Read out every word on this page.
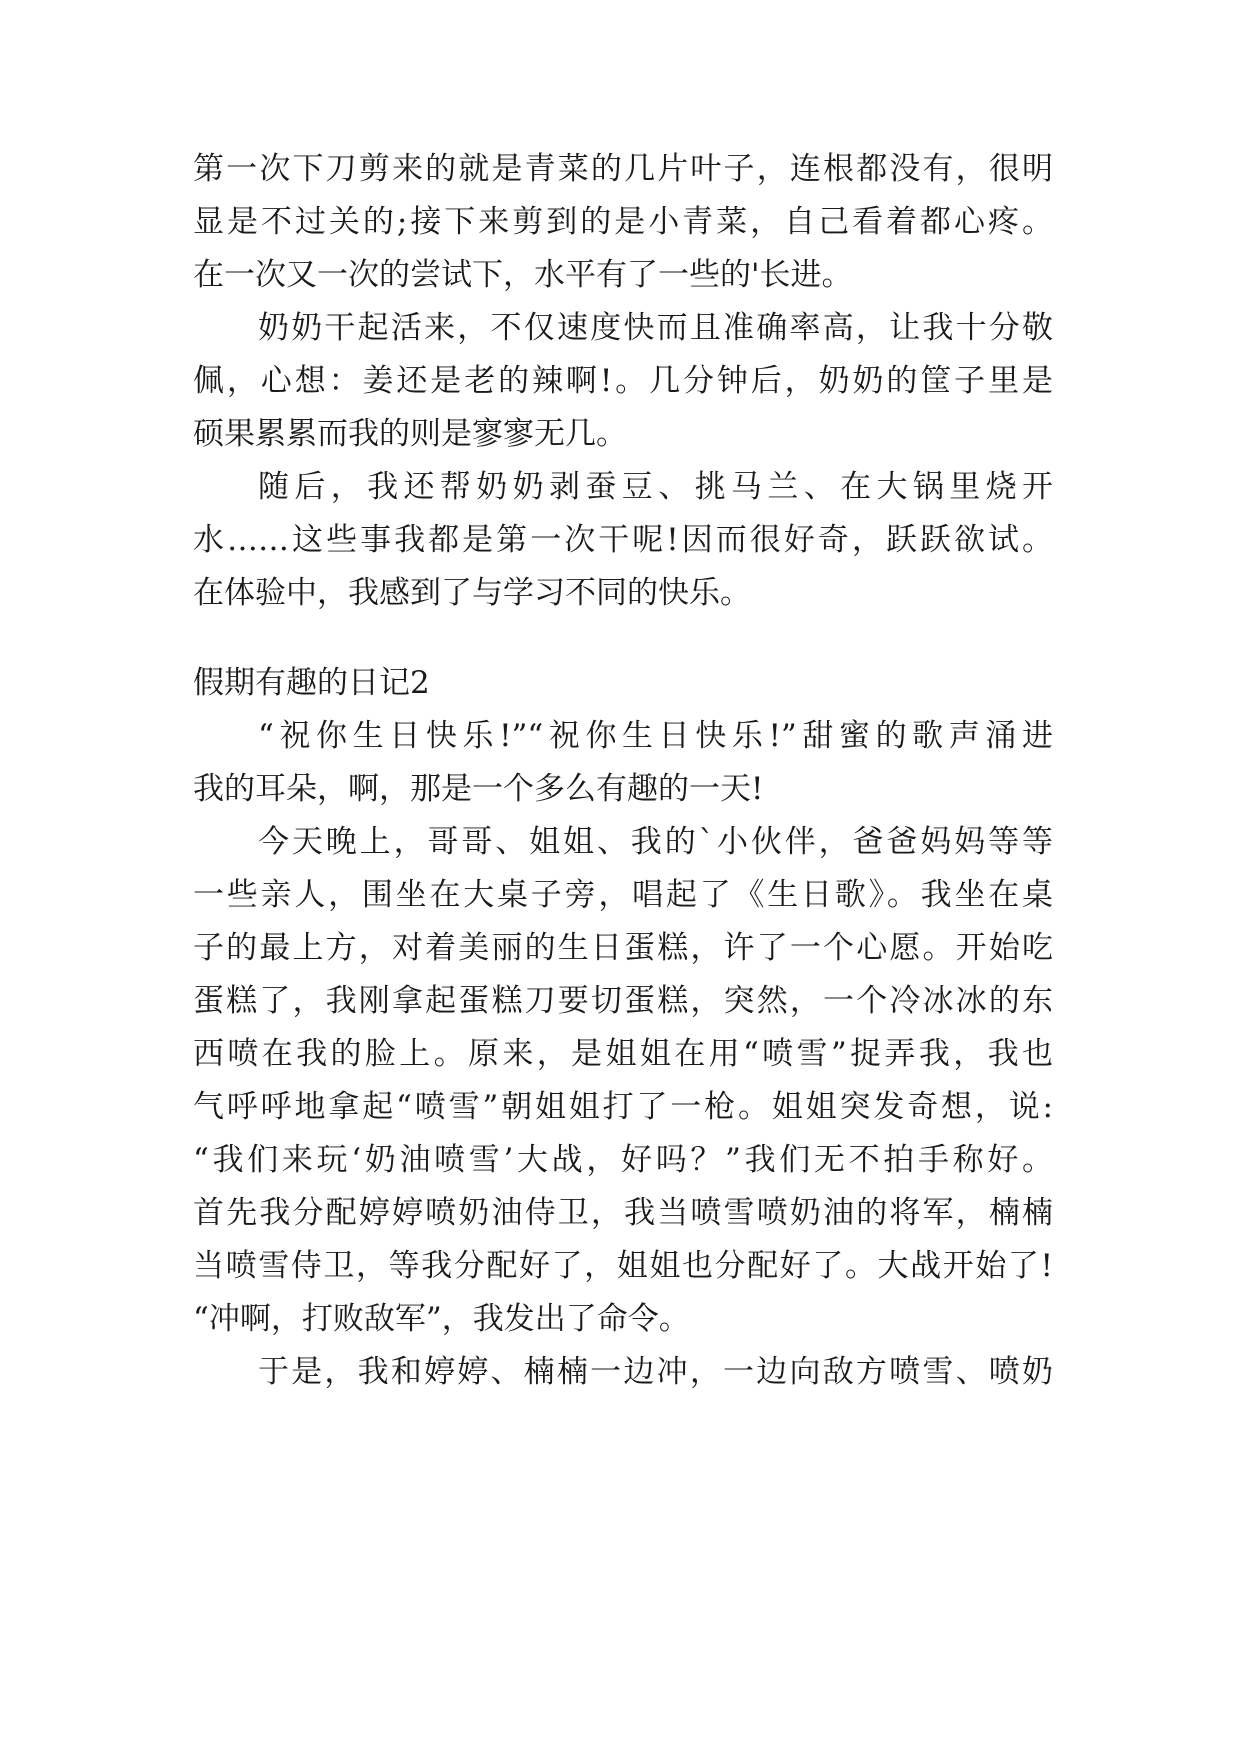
第一次下刀剪来的就是青菜的几片叶子，连根都没有，很明
显是不过关的;接下来剪到的是小青菜，自己看着都心疼。
在一次又一次的尝试下，水平有了一些的'长进。
奶奶干起活来，不仅速度快而且准确率高，让我十分敬
佩，心想：姜还是老的辣啊!。几分钟后，奶奶的筐子里是
硕果累累而我的则是寥寥无几。
随后，我还帮奶奶剥蚕豆、挑马兰、在大锅里烧开
水……这些事我都是第一次干呢!因而很好奇，跃跃欲试。
在体验中，我感到了与学习不同的快乐。
假期有趣的日记2
“祝你生日快乐!”“祝你生日快乐!”甜蜜的歌声涌进
我的耳朵，啊，那是一个多么有趣的一天!
今天晚上，哥哥、姐姐、我的`小伙伴，爸爸妈妈等等
一些亲人，围坐在大桌子旁，唱起了《生日歌》。我坐在桌
子的最上方，对着美丽的生日蛋糕，许了一个心愿。开始吃
蛋糕了，我刚拿起蛋糕刀要切蛋糕，突然，一个冷冰冰的东
西喷在我的脸上。原来，是姐姐在用“喷雪”捉弄我，我也
气呼呼地拿起“喷雪”朝姐姐打了一枪。姐姐突发奇想，说:
“我们来玩‘奶油喷雪’大战，好吗？”我们无不拍手称好。
首先我分配婷婷喷奶油侍卫，我当喷雪喷奶油的将军，楠楠
当喷雪侍卫，等我分配好了，姐姐也分配好了。大战开始了!
“冲啊，打败敌军”，我发出了命令。
于是，我和婷婷、楠楠一边冲，一边向敌方喷雪、喷奶
